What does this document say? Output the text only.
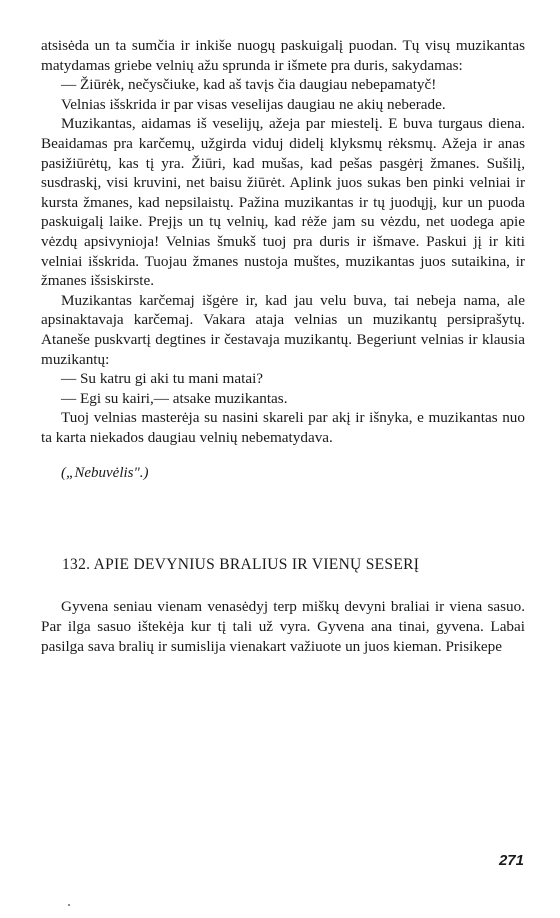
atsisėda un ta sumčia ir inkiše nuogų paskuigalį puodan. Tų visų muzikantas matydamas griebe velnių ažu sprunda ir išmete pra duris, sakydamas:

— Žiūrėk, nečysčiuke, kad aš tavįs čia daugiau nebepamatyč!

Velnias išskrida ir par visas veselijas daugiau ne akių neberade.

Muzikantas, aidamas iš veselijų, ažeja par miestelį. E buva turgaus diena. Beaidamas pra karčemų, užgirda viduj didelį klyksmų rėksmų. Ažeja ir anas pasižiūrėtų, kas tį yra. Žiūri, kad mušas, kad pešas pasgėrį žmanes. Sušilį, susdraskį, visi kruvini, net baisu žiūrėt. Aplink juos sukas ben pinki velniai ir kursta žmanes, kad nepsilaistų. Pažina muzikantas ir tų juodųjį, kur un puoda paskuigalį laike. Prejįs un tų velnių, kad rėže jam su vėzdu, net uodega apie vėzdų apsivynioja! Velnias šmukš tuoj pra duris ir išmave. Paskui jį ir kiti velniai išskrida. Tuojau žmanes nustoja muštes, muzikantas juos sutaikina, ir žmanes išsiskirste.

Muzikantas karčemaj išgėre ir, kad jau velu buva, tai nebeja nama, ale apsinaktavaja karčemaj. Vakara ataja velnias un muzikantų persiprašytų. Ataneše puskvartį degtines ir čestavaja muzikantų. Begeriunt velnias ir klausia muzikantų:

— Su katru gi aki tu mani matai?

— Egi su kairi,— atsake muzikantas.

Tuoj velnias masterėja su nasini skareli par akį ir išnyka, e muzikantas nuo ta karta niekados daugiau velnių nebematydava.

(„Nebuvėlis".)

132. APIE DEVYNIUS BRALIUS IR VIENŲ SESERĮ

Gyvena seniau vienam venasėdyj terp miškų devyni braliai ir viena sasuo. Par ilga sasuo ištekėja kur tį tali už vyra. Gyvena ana tinai, gyvena. Labai pasilga sava bralių ir sumislija vienakart važiuote un juos kieman. Prisikepe

271
